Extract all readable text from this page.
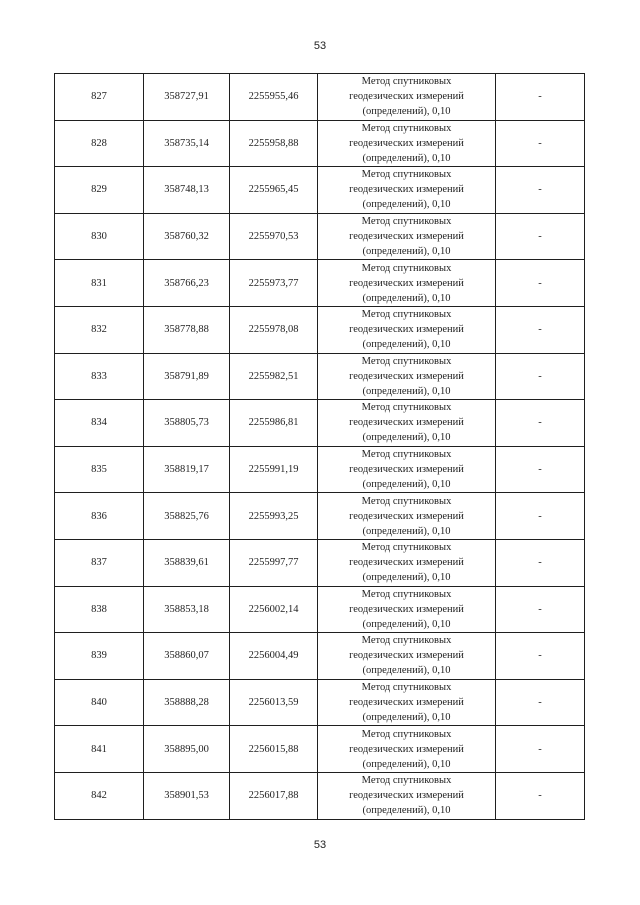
53
827	358727,91	2255955,46	Метод спутниковых
геодезических измерений
(определений), 0,10	-
828	358735,14	2255958,88	Метод спутниковых
геодезических измерений
(определений), 0,10	-
829	358748,13	2255965,45	Метод спутниковых
геодезических измерений
(определений), 0,10	-
830	358760,32	2255970,53	Метод спутниковых
геодезических измерений
(определений), 0,10	-
831	358766,23	2255973,77	Метод спутниковых
геодезических измерений
(определений), 0,10	-
832	358778,88	2255978,08	Метод спутниковых
геодезических измерений
(определений), 0,10	-
833	358791,89	2255982,51	Метод спутниковых
геодезических измерений
(определений), 0,10	-
834	358805,73	2255986,81	Метод спутниковых
геодезических измерений
(определений), 0,10	-
835	358819,17	2255991,19	Метод спутниковых
геодезических измерений
(определений), 0,10	-
836	358825,76	2255993,25	Метод спутниковых
геодезических измерений
(определений), 0,10	-
837	358839,61	2255997,77	Метод спутниковых
геодезических измерений
(определений), 0,10	-
838	358853,18	2256002,14	Метод спутниковых
геодезических измерений
(определений), 0,10	-
839	358860,07	2256004,49	Метод спутниковых
геодезических измерений
(определений), 0,10	-
840	358888,28	2256013,59	Метод спутниковых
геодезических измерений
(определений), 0,10	-
841	358895,00	2256015,88	Метод спутниковых
геодезических измерений
(определений), 0,10	-
842	358901,53	2256017,88	Метод спутниковых
геодезических измерений
(определений), 0,10	-
53
